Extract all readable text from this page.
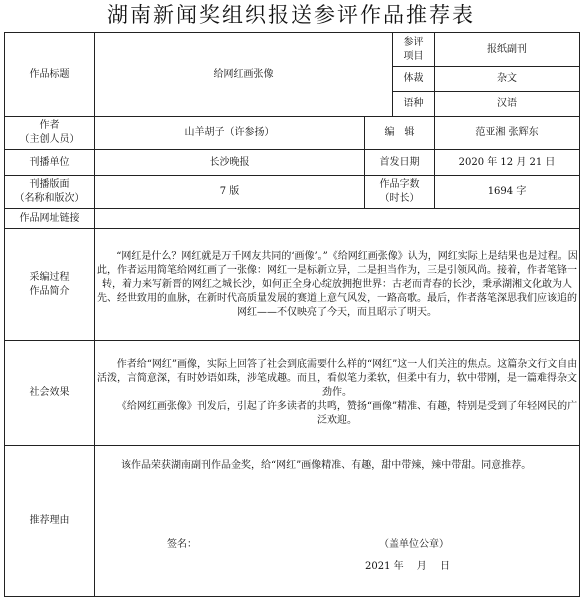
湖南新闻奖组织报送参评作品推荐表
作品标题	给网红画张像		参评
项目	报纸副刊
			体裁	杂文
			语种	汉语

作者
（主创人员）	山羊胡子（许参扬）	编　辑		范亚湘 张辉东
刊播单位	长沙晚报	首发日期		2020 年 12 月 21 日

刊播版面
（名称和版次）	7 版	作品字数
（时长）		1694 字
作品网址链接				

采编过程
作品简介	“网红是什么？网红就是万千网友共同的‘画像’。”《给网红画张像》认为，网红实际上是结果也是过程。因此，作者运用简笔给网红画了一张像：网红一是标新立异，二是担当作为，三是引领风尚。接着，作者笔锋一转，着力来写新晋的网红之城长沙，如何正全身心绽放拥抱世界：古老而青春的长沙，秉承湖湘文化敢为人先、经世致用的血脉，在新时代高质量发展的赛道上意气风发，一路高歌。最后，作者落笔深思我们应该追的网红——不仅映亮了今天，而且昭示了明天。			

社会效果	作者给“网红”画像，实际上回答了社会到底需要什么样的“网红”这一人们关注的焦点。这篇杂文行文自由活泼，言简意深，有时妙语如珠，涉笔成趣。而且，看似笔力柔软，但柔中有力，软中带刚，是一篇难得杂文劲作。

《给网红画张像》刊发后，引起了许多读者的共鸣，赞扬“画像”精准、有趣，特别是受到了年轻网民的广泛欢迎。			

推荐理由	该作品荣获湖南副刊作品金奖，给“网红”画像精准、有趣，甜中带辣，辣中带甜。同意推荐。
签名： （盖单位公章）
2021 年　 月　 日			
